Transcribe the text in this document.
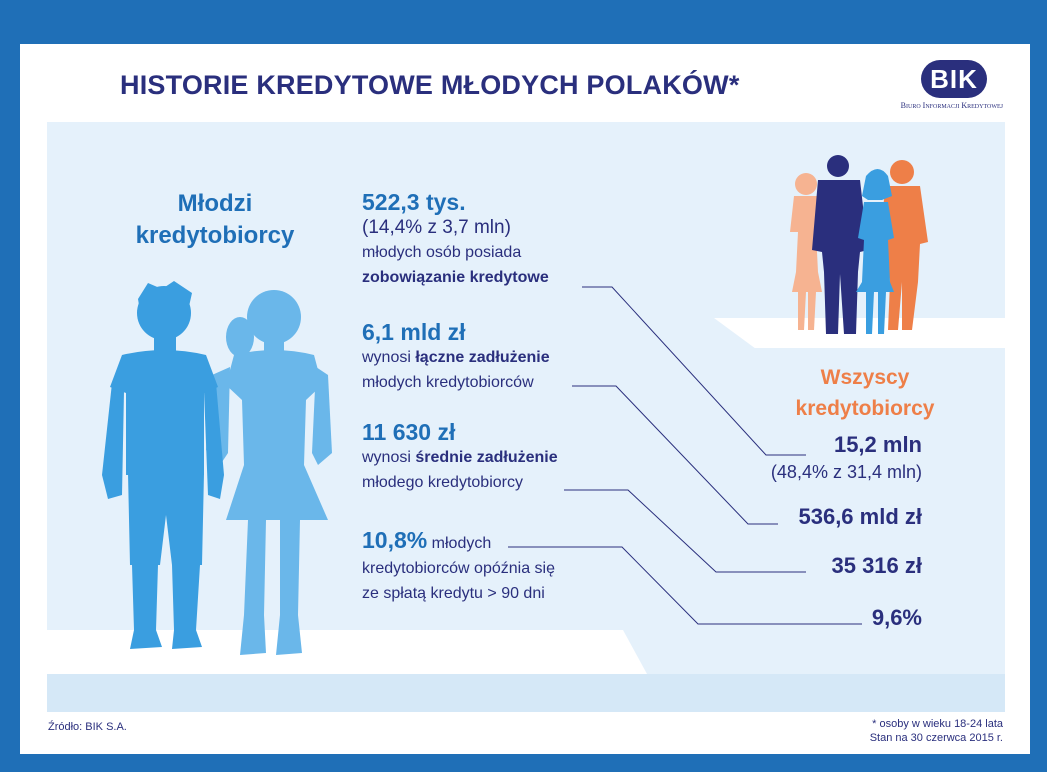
HISTORIE KREDYTOWE MŁODYCH POLAKÓW*	BIK
Biuro Informacji Kredytowej
Młodzi
kredytobiorcy
Wszyscy
kredytobiorcy
522,3 tys.
(14,4% z 3,7 mln)
młodych osób posiada
zobowiązanie kredytowe
6,1 mld zł
wynosi łączne zadłużenie
młodych kredytobiorców
11 630 zł
wynosi średnie zadłużenie
młodego kredytobiorcy
10,8% młodych
kredytobiorców opóźnia się
ze spłatą kredytu > 90 dni
15,2 mln
(48,4% z 31,4 mln)
536,6 mld zł
35 316 zł
9,6%
Źródło: BIK S.A.	* osoby w wieku 18-24 lata
Stan na 30 czerwca 2015 r.
